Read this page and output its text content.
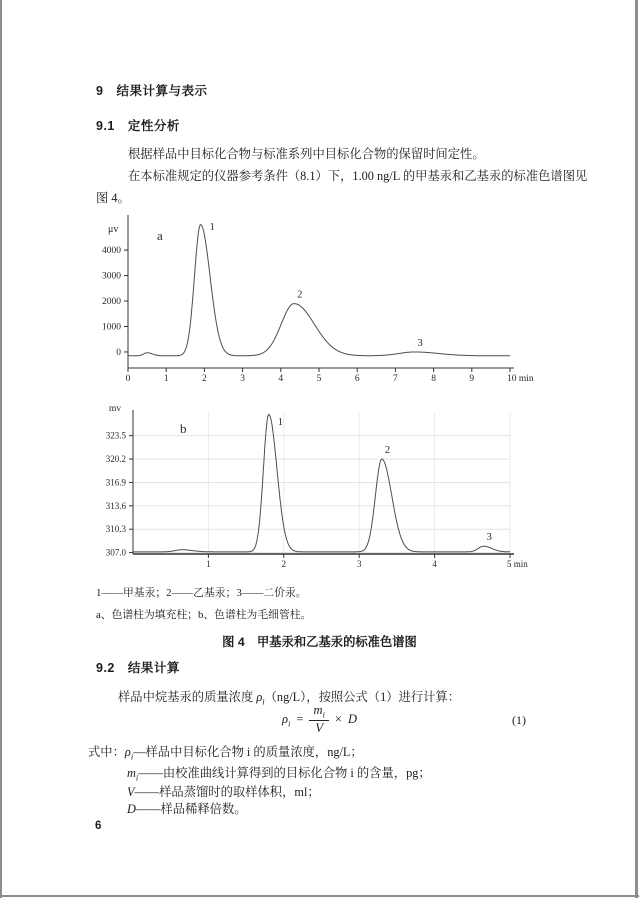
9　结果计算与表示
9.1　定性分析
根据样品中目标化合物与标准系列中目标化合物的保留时间定性。
在本标准规定的仪器参考条件（8.1）下，1.00 ng/L 的甲基汞和乙基汞的标准色谱图见
图 4。
4000
3000
2000
1000
0
0	1	2	3	4	5	6	7	8	9	10 min
μv	a
1
2
3
323.5
320.2
316.9
313.6
310.3
307.0
1	2	3	4	5 min
mv
b	1
2
3
1——甲基汞；2——乙基汞；3——二价汞。
a、色谱柱为填充柱；b、色谱柱为毛细管柱。
图 4　甲基汞和乙基汞的标准色谱图
9.2　结果计算
样品中烷基汞的质量浓度 $\rho_i(ng/L)$，按照公式（1）进行计算：
$\rho_i = \frac{m_i}{V} \times D$	(1)
式中：$\rho_i—$样品中目标化合物 i 的质量浓度，ng/L；
$m_i——$由校准曲线计算得到的目标化合物 i 的含量，pg；
V——样品蒸馏时的取样体积，ml；
D——样品稀释倍数。
6
